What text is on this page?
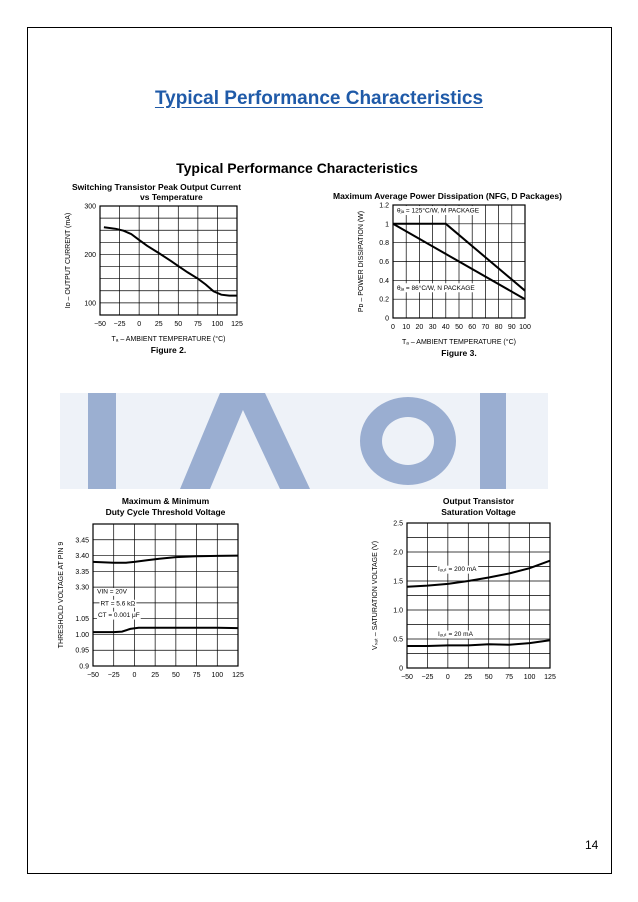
Typical Performance Characteristics
Typical Performance Characteristics
Switching Transistor Peak Output Current
vs Temperature
−50 −25 0 25 50 75 100 125
100
200
300
Tₐ – AMBIENT TEMPERATURE (°C)
Iᴅ – OUTPUT CURRENT (mA)
Figure 2.
Maximum Average Power Dissipation (NFG, D Packages)
0 10 20 30 40 50 60 70 80 90 100
0
0.2
0.4
0.6
0.8
1
1.2
Tₐ – AMBIENT TEMPERATURE (°C)
Pᴅ – POWER DISSIPATION (W)
Figure 3.
θⱼₐ = 125°C/W, M PACKAGE
θⱼₐ = 86°C/W, N PACKAGE
Maximum & Minimum
Duty Cycle Threshold Voltage
−50 −25 0 25 50 75 100 125
0.9
0.95
1.00
1.05
3.30
3.35
3.40
3.45
THRESHOLD VOLTAGE AT PIN 9	VIN = 20V
RT = 5.6 kΩ
CT = 0.001 μF
Output Transistor
Saturation Voltage
−50 −25 0 25 50 75 100 125
0
0.5
1.0
1.5
2.0
2.5
Vₛₐₜ – SATURATION VOLTAGE (V)	Iₒᵤₜ = 200 mA
Iₒᵤₜ = 20 mA
14
